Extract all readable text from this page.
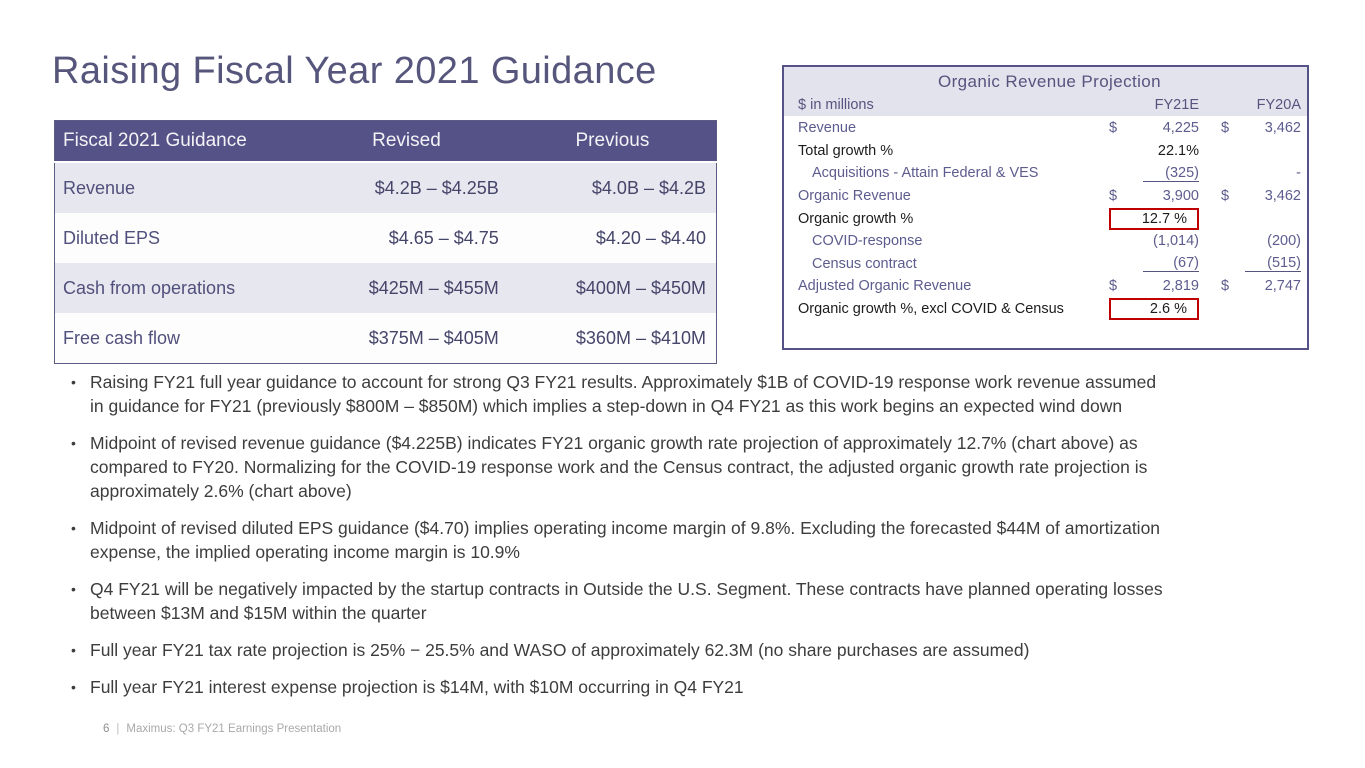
Raising Fiscal Year 2021 Guidance
Fiscal 2021 Guidance	Revised	Previous
Revenue	$4.2B – $4.25B	$4.0B – $4.2B
Diluted EPS	$4.65 – $4.75	$4.20 – $4.40
Cash from operations	$425M – $455M	$400M – $450M
Free cash flow	$375M – $405M	$360M – $410M
Organic Revenue Projection
$ in millions	FY21E	FY20A
Revenue	$	4,225 $ 3,462
Total growth %	22.1%
Acquisitions - Attain Federal & VES	(325)	-
Organic Revenue	$	3,900 $ 3,462
Organic growth %	12.7 %
COVID-response	(1,014)	(200)
Census contract	(67)	(515)
Adjusted Organic Revenue	$	2,819 $ 2,747
Organic growth %, excl COVID & Census	2.6 %
• Raising FY21 full year guidance to account for strong Q3 FY21 results. Approximately $1B of COVID-19 response work revenue assumed in guidance for FY21 (previously $800M – $850M) which implies a step-down in Q4 FY21 as this work begins an expected wind down
• Midpoint of revised revenue guidance ($4.225B) indicates FY21 organic growth rate projection of approximately 12.7% (chart above) as compared to FY20. Normalizing for the COVID-19 response work and the Census contract, the adjusted organic growth rate projection is approximately 2.6% (chart above)
• Midpoint of revised diluted EPS guidance ($4.70) implies operating income margin of 9.8%. Excluding the forecasted $44M of amortization expense, the implied operating income margin is 10.9%
• Q4 FY21 will be negatively impacted by the startup contracts in Outside the U.S. Segment. These contracts have planned operating losses between $13M and $15M within the quarter
• Full year FY21 tax rate projection is 25% − 25.5% and WASO of approximately 62.3M (no share purchases are assumed)
• Full year FY21 interest expense projection is $14M, with $10M occurring in Q4 FY21
6 | Maximus: Q3 FY21 Earnings Presentation
